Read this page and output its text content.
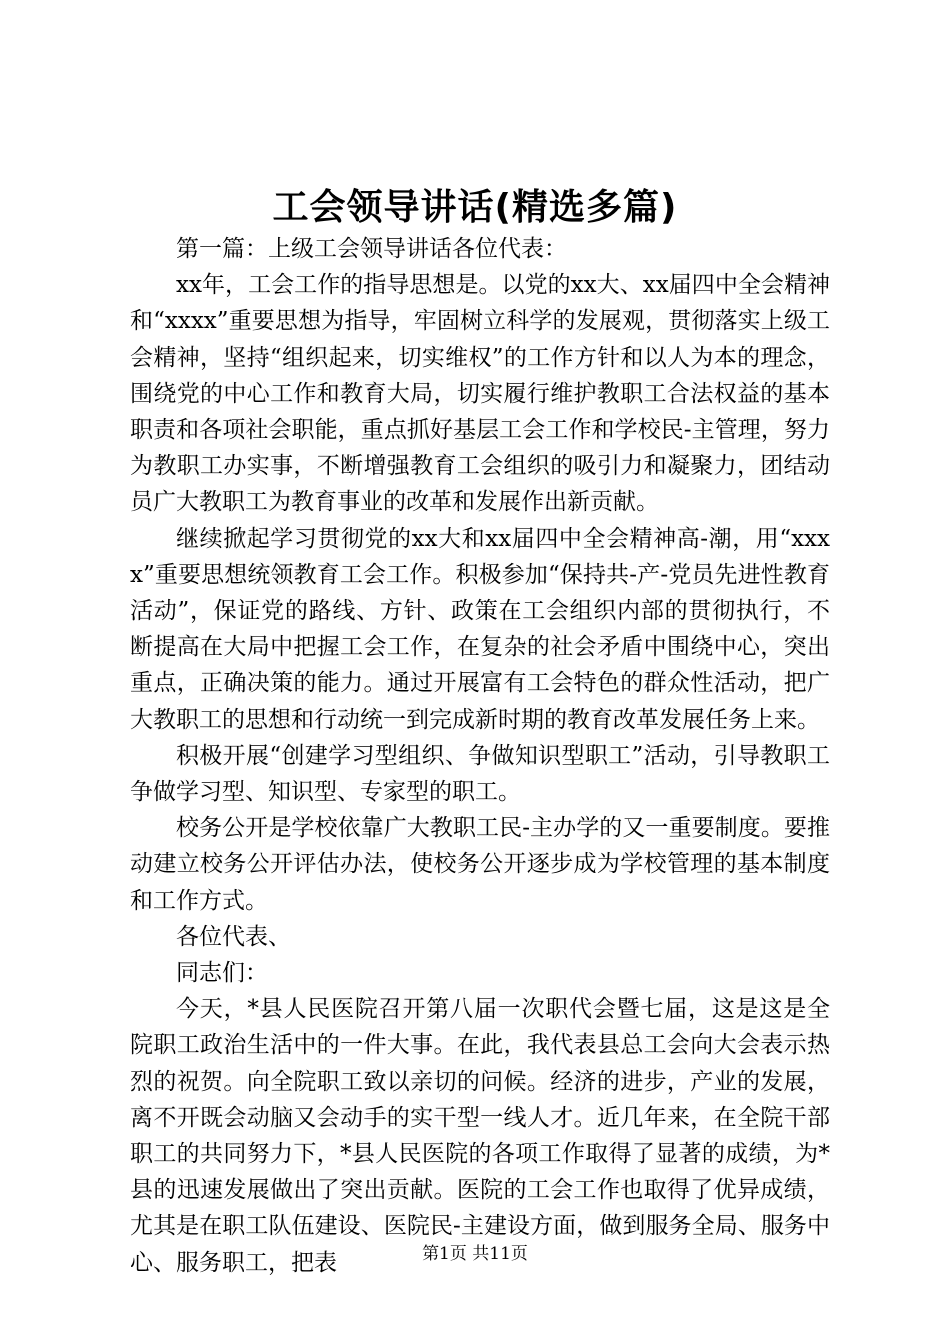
工会领导讲话(精选多篇)

第一篇：上级工会领导讲话各位代表：

xx年，工会工作的指导思想是。以党的xx大、xx届四中全会精神和“xxxx”重要思想为指导，牢固树立科学的发展观，贯彻落实上级工会精神，坚持“组织起来，切实维权”的工作方针和以人为本的理念，围绕党的中心工作和教育大局，切实履行维护教职工合法权益的基本职责和各项社会职能，重点抓好基层工会工作和学校民-主管理，努力为教职工办实事，不断增强教育工会组织的吸引力和凝聚力，团结动员广大教职工为教育事业的改革和发展作出新贡献。

继续掀起学习贯彻党的xx大和xx届四中全会精神高-潮，用“xxxx”重要思想统领教育工会工作。积极参加“保持共-产-党员先进性教育活动”，保证党的路线、方针、政策在工会组织内部的贯彻执行，不断提高在大局中把握工会工作，在复杂的社会矛盾中围绕中心，突出重点，正确决策的能力。通过开展富有工会特色的群众性活动，把广大教职工的思想和行动统一到完成新时期的教育改革发展任务上来。

积极开展“创建学习型组织、争做知识型职工”活动，引导教职工争做学习型、知识型、专家型的职工。

校务公开是学校依靠广大教职工民-主办学的又一重要制度。要推动建立校务公开评估办法，使校务公开逐步成为学校管理的基本制度和工作方式。

各位代表、

同志们：

今天，*县人民医院召开第八届一次职代会暨七届，这是这是全院职工政治生活中的一件大事。在此，我代表县总工会向大会表示热烈的祝贺。向全院职工致以亲切的问候。经济的进步，产业的发展，离不开既会动脑又会动手的实干型一线人才。近几年来，在全院干部职工的共同努力下，*县人民医院的各项工作取得了显著的成绩，为*县的迅速发展做出了突出贡献。医院的工会工作也取得了优异成绩，尤其是在职工队伍建设、医院民-主建设方面，做到服务全局、服务中心、服务职工，把表	第1页 共11页
